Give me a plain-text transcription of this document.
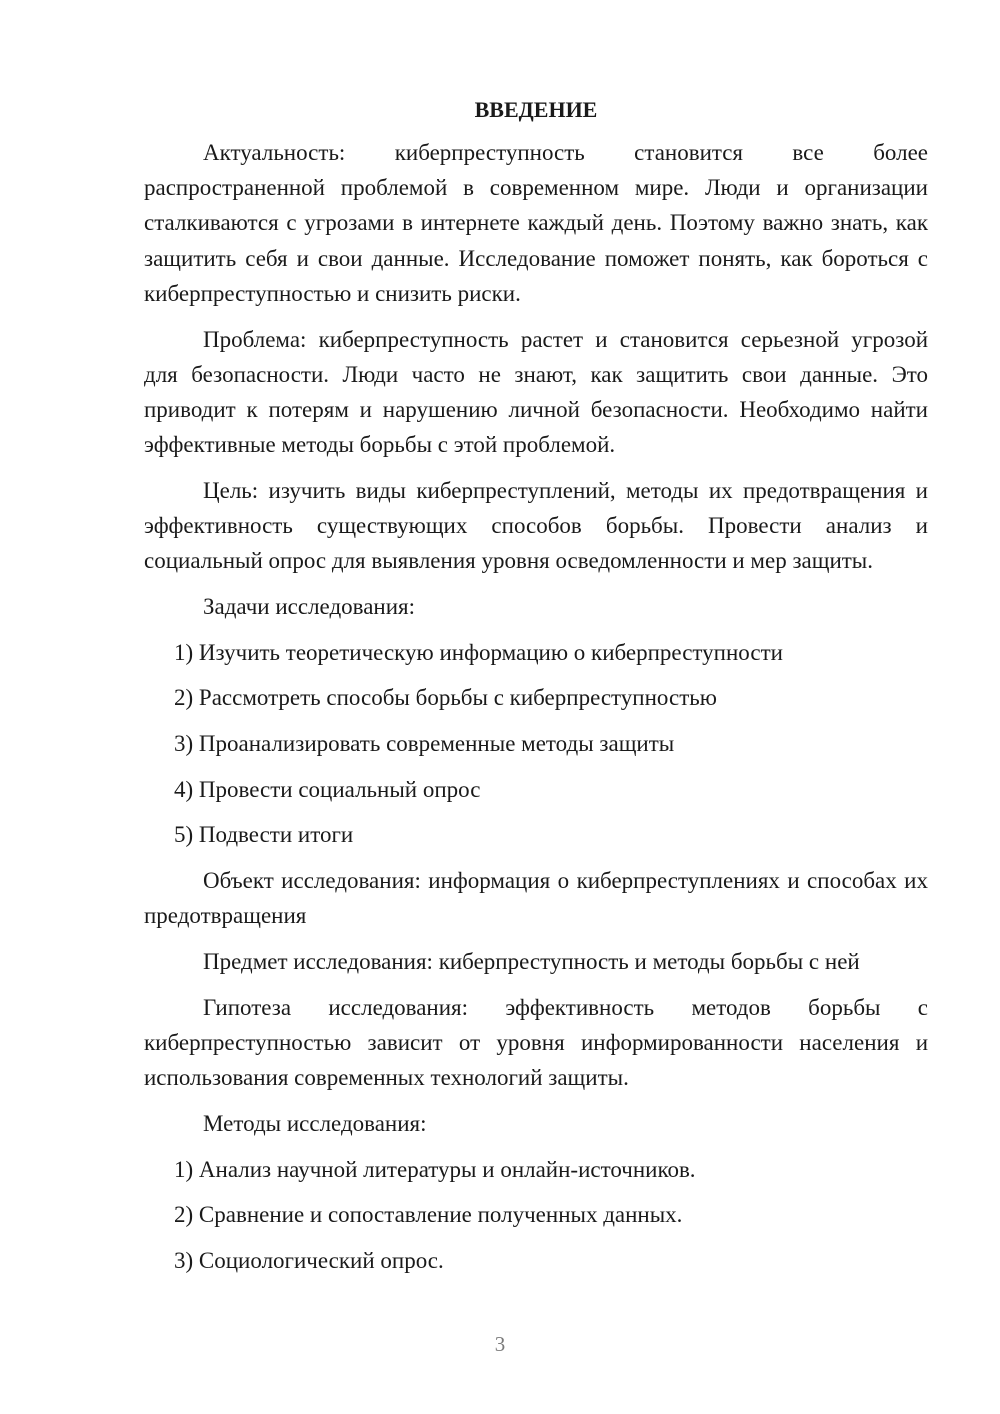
ВВЕДЕНИЕ

Актуальность: киберпреступность становится все более распространенной проблемой в современном мире. Люди и организации сталкиваются с угрозами в интернете каждый день. Поэтому важно знать, как защитить себя и свои данные. Исследование поможет понять, как бороться с киберпреступностью и снизить риски.

Проблема: киберпреступность растет и становится серьезной угрозой для безопасности. Люди часто не знают, как защитить свои данные. Это приводит к потерям и нарушению личной безопасности. Необходимо найти эффективные методы борьбы с этой проблемой.

Цель: изучить виды киберпреступлений, методы их предотвращения и эффективность существующих способов борьбы. Провести анализ и социальный опрос для выявления уровня осведомленности и мер защиты.

Задачи исследования:

1) Изучить теоретическую информацию о киберпреступности
2) Рассмотреть способы борьбы с киберпреступностью
3) Проанализировать современные методы защиты
4) Провести социальный опрос
5) Подвести итоги

Объект исследования: информация о киберпреступлениях и способах их предотвращения

Предмет исследования: киберпреступность и методы борьбы с ней

Гипотеза исследования: эффективность методов борьбы с киберпреступностью зависит от уровня информированности населения и использования современных технологий защиты.

Методы исследования:

1) Анализ научной литературы и онлайн-источников.
2) Сравнение и сопоставление полученных данных.
3) Социологический опрос.
3
